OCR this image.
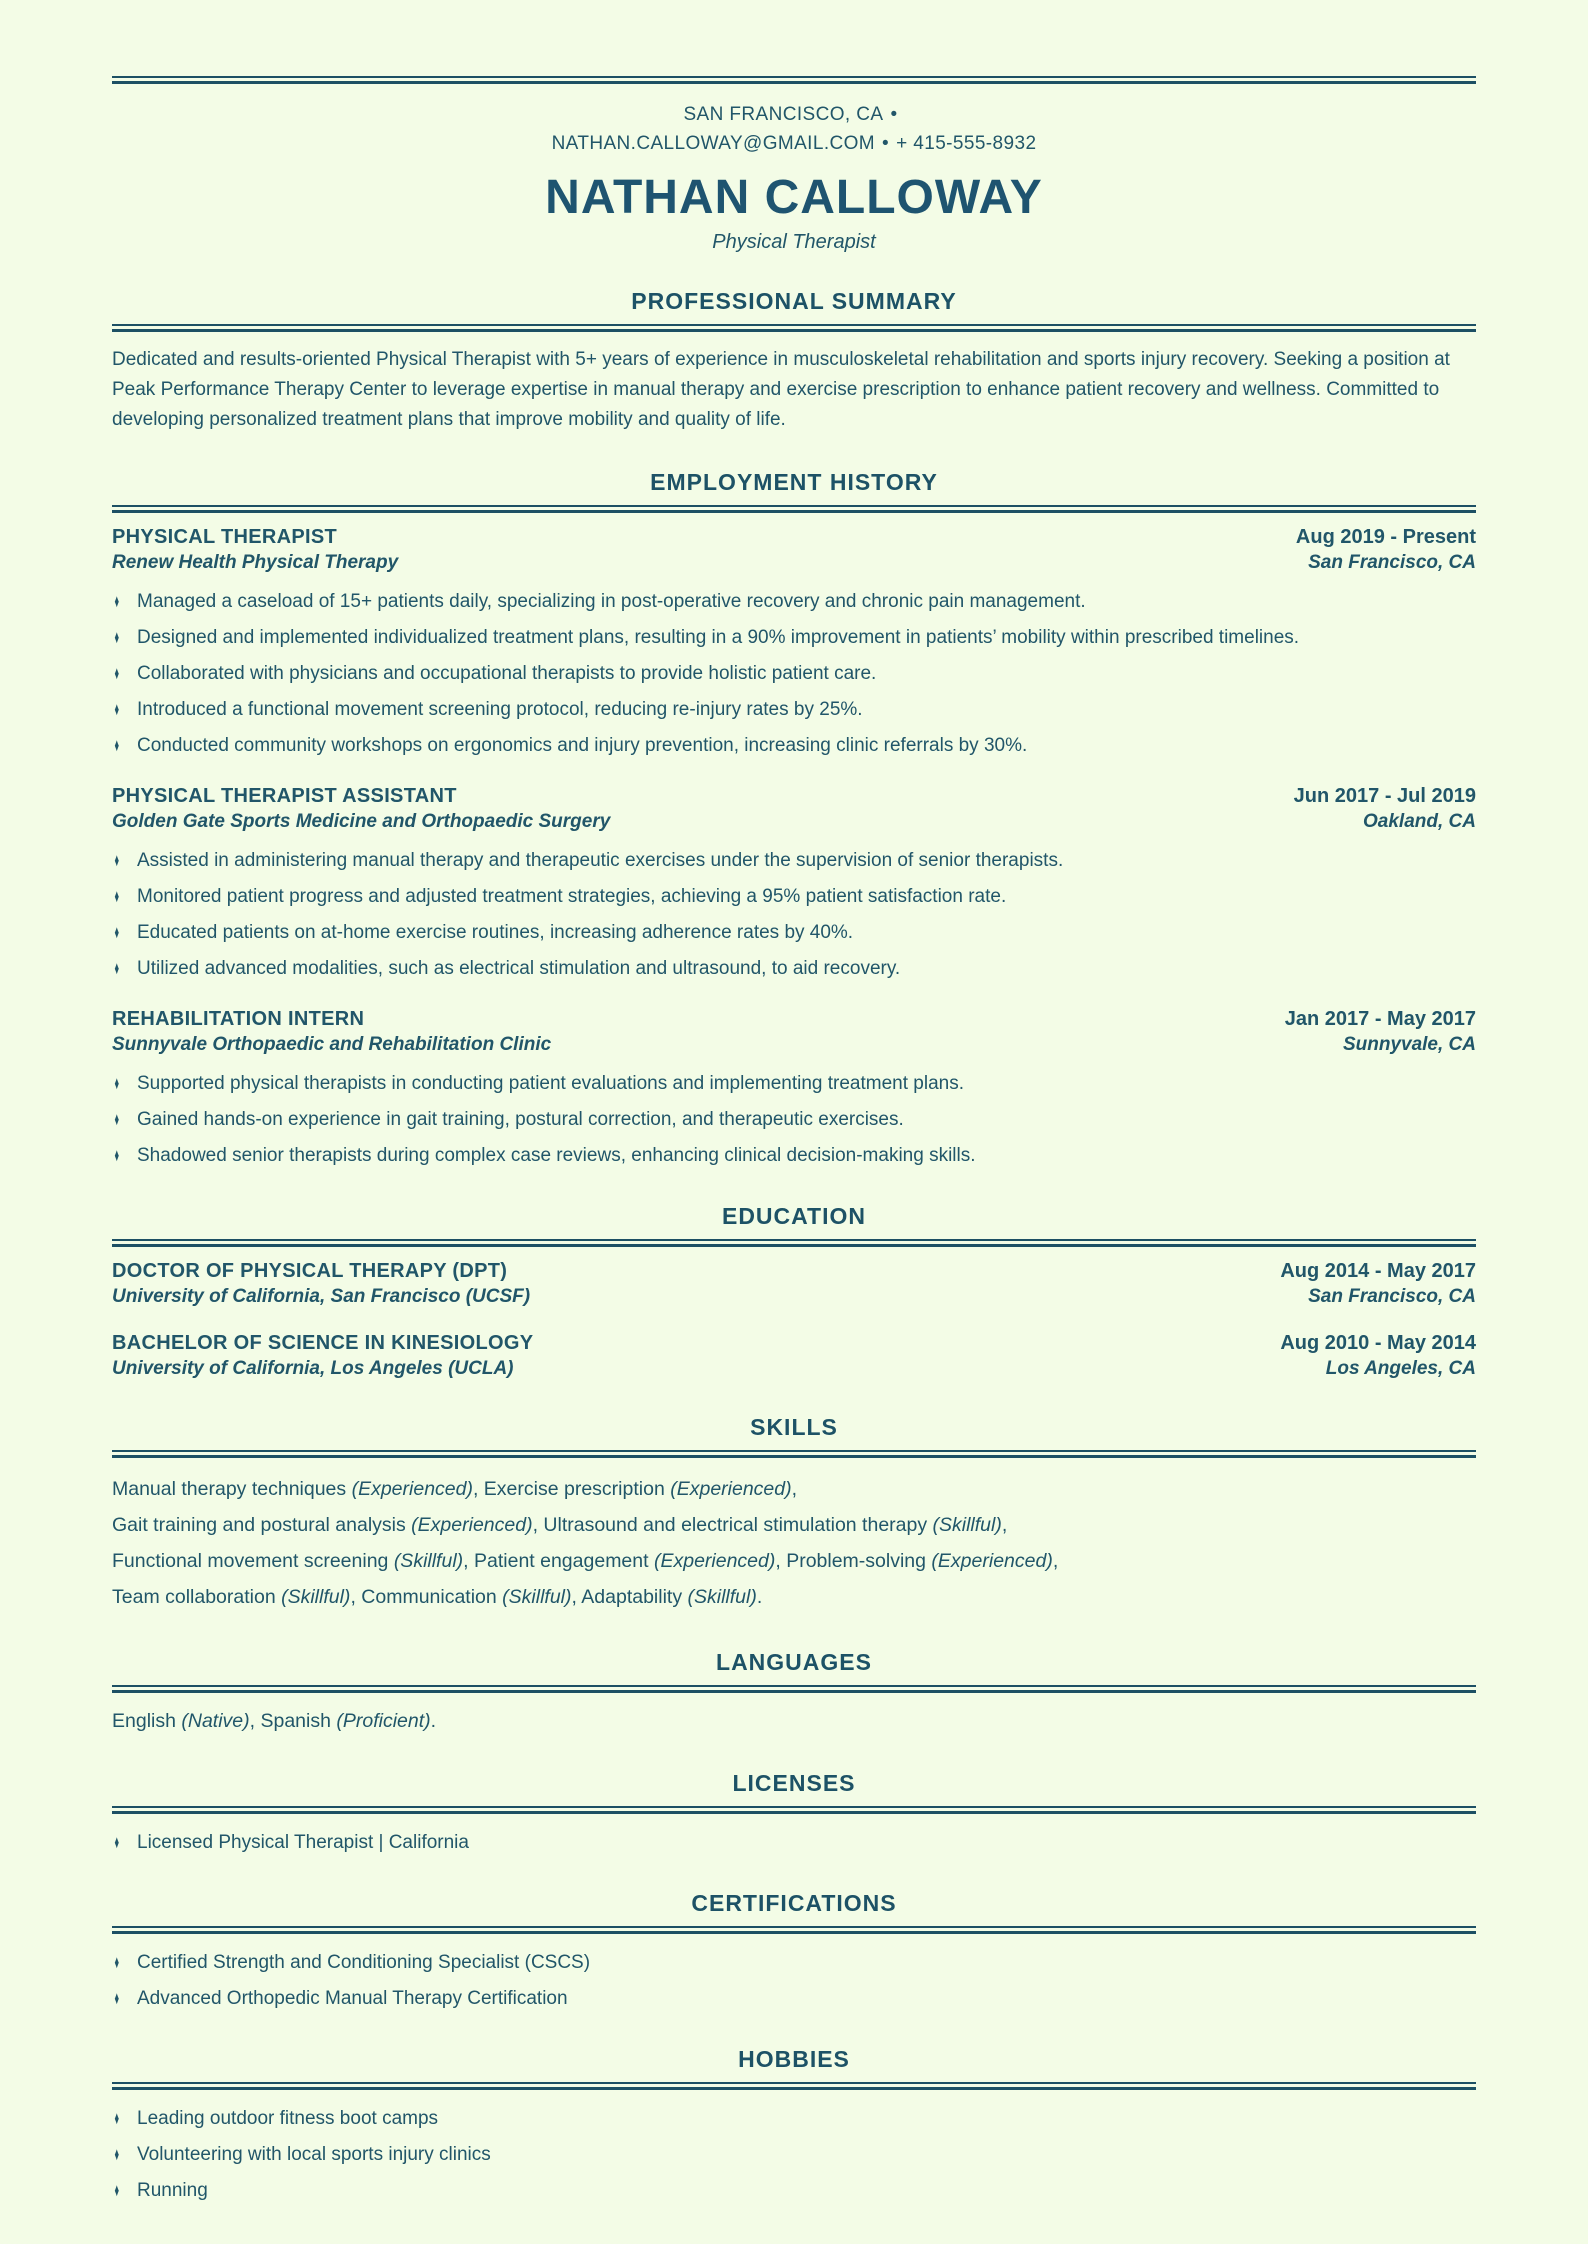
SAN FRANCISCO, CA •
NATHAN.CALLOWAY@GMAIL.COM • + 415-555-8932
NATHAN CALLOWAY
Physical Therapist
PROFESSIONAL SUMMARY

Dedicated and results-oriented Physical Therapist with 5+ years of experience in musculoskeletal rehabilitation and sports injury recovery. Seeking a position at Peak Performance Therapy Center to leverage expertise in manual therapy and exercise prescription to enhance patient recovery and wellness. Committed to developing personalized treatment plans that improve mobility and quality of life.

EMPLOYMENT HISTORY
PHYSICAL THERAPIST	Aug 2019 - Present
Renew Health Physical Therapy	San Francisco, CA
♦ Managed a caseload of 15+ patients daily, specializing in post-operative recovery and chronic pain management.
♦ Designed and implemented individualized treatment plans, resulting in a 90% improvement in patients’ mobility within prescribed timelines.
♦ Collaborated with physicians and occupational therapists to provide holistic patient care.
♦ Introduced a functional movement screening protocol, reducing re-injury rates by 25%.
♦ Conducted community workshops on ergonomics and injury prevention, increasing clinic referrals by 30%.
PHYSICAL THERAPIST ASSISTANT	Jun 2017 - Jul 2019
Golden Gate Sports Medicine and Orthopaedic Surgery	Oakland, CA
♦ Assisted in administering manual therapy and therapeutic exercises under the supervision of senior therapists.
♦ Monitored patient progress and adjusted treatment strategies, achieving a 95% patient satisfaction rate.
♦ Educated patients on at-home exercise routines, increasing adherence rates by 40%.
♦ Utilized advanced modalities, such as electrical stimulation and ultrasound, to aid recovery.
REHABILITATION INTERN	Jan 2017 - May 2017
Sunnyvale Orthopaedic and Rehabilitation Clinic	Sunnyvale, CA
♦ Supported physical therapists in conducting patient evaluations and implementing treatment plans.
♦ Gained hands-on experience in gait training, postural correction, and therapeutic exercises.
♦ Shadowed senior therapists during complex case reviews, enhancing clinical decision-making skills.
EDUCATION
DOCTOR OF PHYSICAL THERAPY (DPT)	Aug 2014 - May 2017
University of California, San Francisco (UCSF)	San Francisco, CA
BACHELOR OF SCIENCE IN KINESIOLOGY	Aug 2010 - May 2014
University of California, Los Angeles (UCLA)	Los Angeles, CA
SKILLS
Manual therapy techniques (Experienced), Exercise prescription (Experienced),
Gait training and postural analysis (Experienced), Ultrasound and electrical stimulation therapy (Skillful),
Functional movement screening (Skillful), Patient engagement (Experienced), Problem-solving (Experienced),
Team collaboration (Skillful), Communication (Skillful), Adaptability (Skillful).
LANGUAGES
English (Native), Spanish (Proficient).
LICENSES
♦ Licensed Physical Therapist | California
CERTIFICATIONS
♦ Certified Strength and Conditioning Specialist (CSCS)
♦ Advanced Orthopedic Manual Therapy Certification
HOBBIES
♦ Leading outdoor fitness boot camps
♦ Volunteering with local sports injury clinics
♦ Running
